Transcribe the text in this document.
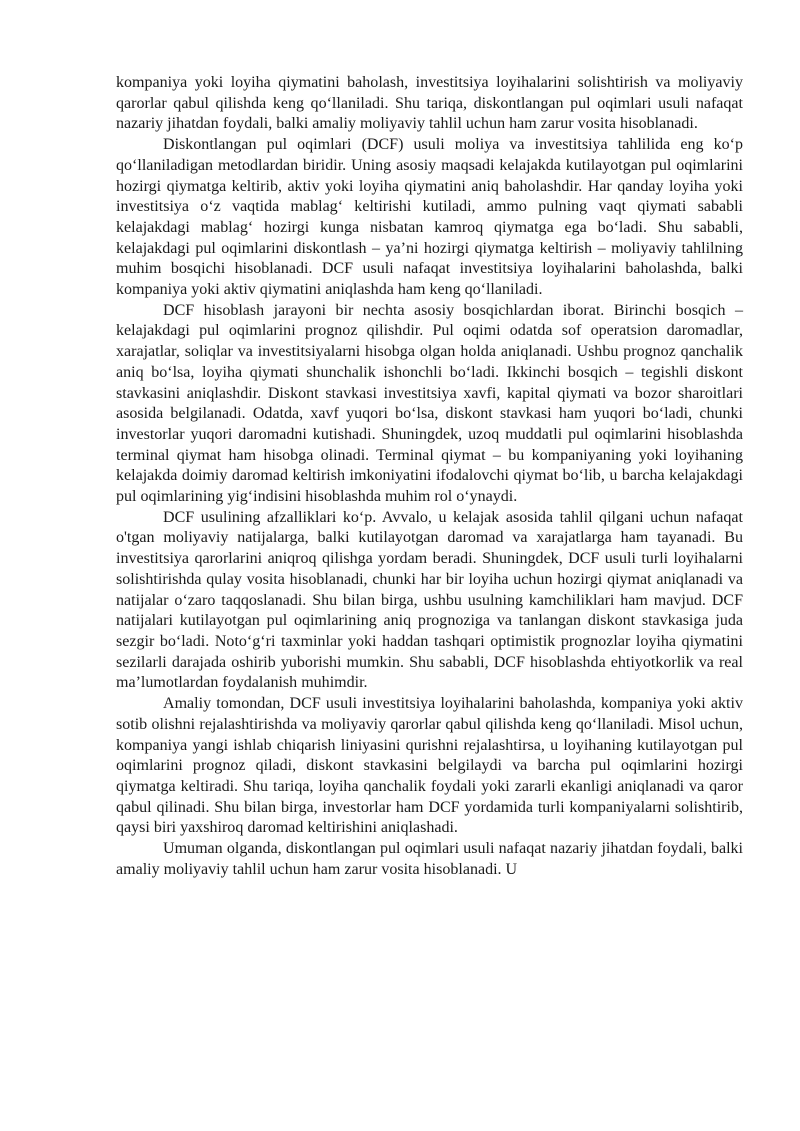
kompaniya yoki loyiha qiymatini baholash, investitsiya loyihalarini solishtirish va moliyaviy qarorlar qabul qilishda keng qo‘llaniladi. Shu tariqa, diskontlangan pul oqimlari usuli nafaqat nazariy jihatdan foydali, balki amaliy moliyaviy tahlil uchun ham zarur vosita hisoblanadi.

Diskontlangan pul oqimlari (DCF) usuli moliya va investitsiya tahlilida eng ko‘p qo‘llaniladigan metodlardan biridir. Uning asosiy maqsadi kelajakda kutilayotgan pul oqimlarini hozirgi qiymatga keltirib, aktiv yoki loyiha qiymatini aniq baholashdir. Har qanday loyiha yoki investitsiya o‘z vaqtida mablag‘ keltirishi kutiladi, ammo pulning vaqt qiymati sababli kelajakdagi mablag‘ hozirgi kunga nisbatan kamroq qiymatga ega bo‘ladi. Shu sababli, kelajakdagi pul oqimlarini diskontlash – ya’ni hozirgi qiymatga keltirish – moliyaviy tahlilning muhim bosqichi hisoblanadi. DCF usuli nafaqat investitsiya loyihalarini baholashda, balki kompaniya yoki aktiv qiymatini aniqlashda ham keng qo‘llaniladi.

DCF hisoblash jarayoni bir nechta asosiy bosqichlardan iborat. Birinchi bosqich – kelajakdagi pul oqimlarini prognoz qilishdir. Pul oqimi odatda sof operatsion daromadlar, xarajatlar, soliqlar va investitsiyalarni hisobga olgan holda aniqlanadi. Ushbu prognoz qanchalik aniq bo‘lsa, loyiha qiymati shunchalik ishonchli bo‘ladi. Ikkinchi bosqich – tegishli diskont stavkasini aniqlashdir. Diskont stavkasi investitsiya xavfi, kapital qiymati va bozor sharoitlari asosida belgilanadi. Odatda, xavf yuqori bo‘lsa, diskont stavkasi ham yuqori bo‘ladi, chunki investorlar yuqori daromadni kutishadi. Shuningdek, uzoq muddatli pul oqimlarini hisoblashda terminal qiymat ham hisobga olinadi. Terminal qiymat – bu kompaniyaning yoki loyihaning kelajakda doimiy daromad keltirish imkoniyatini ifodalovchi qiymat bo‘lib, u barcha kelajakdagi pul oqimlarining yig‘indisini hisoblashda muhim rol o‘ynaydi.

DCF usulining afzalliklari ko‘p. Avvalo, u kelajak asosida tahlil qilgani uchun nafaqat o'tgan moliyaviy natijalarga, balki kutilayotgan daromad va xarajatlarga ham tayanadi. Bu investitsiya qarorlarini aniqroq qilishga yordam beradi. Shuningdek, DCF usuli turli loyihalarni solishtirishda qulay vosita hisoblanadi, chunki har bir loyiha uchun hozirgi qiymat aniqlanadi va natijalar o‘zaro taqqoslanadi. Shu bilan birga, ushbu usulning kamchiliklari ham mavjud. DCF natijalari kutilayotgan pul oqimlarining aniq prognoziga va tanlangan diskont stavkasiga juda sezgir bo‘ladi. Noto‘g‘ri taxminlar yoki haddan tashqari optimistik prognozlar loyiha qiymatini sezilarli darajada oshirib yuborishi mumkin. Shu sababli, DCF hisoblashda ehtiyotkorlik va real ma’lumotlardan foydalanish muhimdir.

Amaliy tomondan, DCF usuli investitsiya loyihalarini baholashda, kompaniya yoki aktiv sotib olishni rejalashtirishda va moliyaviy qarorlar qabul qilishda keng qo‘llaniladi. Misol uchun, kompaniya yangi ishlab chiqarish liniyasini qurishni rejalashtirsa, u loyihaning kutilayotgan pul oqimlarini prognoz qiladi, diskont stavkasini belgilaydi va barcha pul oqimlarini hozirgi qiymatga keltiradi. Shu tariqa, loyiha qanchalik foydali yoki zararli ekanligi aniqlanadi va qaror qabul qilinadi. Shu bilan birga, investorlar ham DCF yordamida turli kompaniyalarni solishtirib, qaysi biri yaxshiroq daromad keltirishini aniqlashadi.

Umuman olganda, diskontlangan pul oqimlari usuli nafaqat nazariy jihatdan foydali, balki amaliy moliyaviy tahlil uchun ham zarur vosita hisoblanadi. U
